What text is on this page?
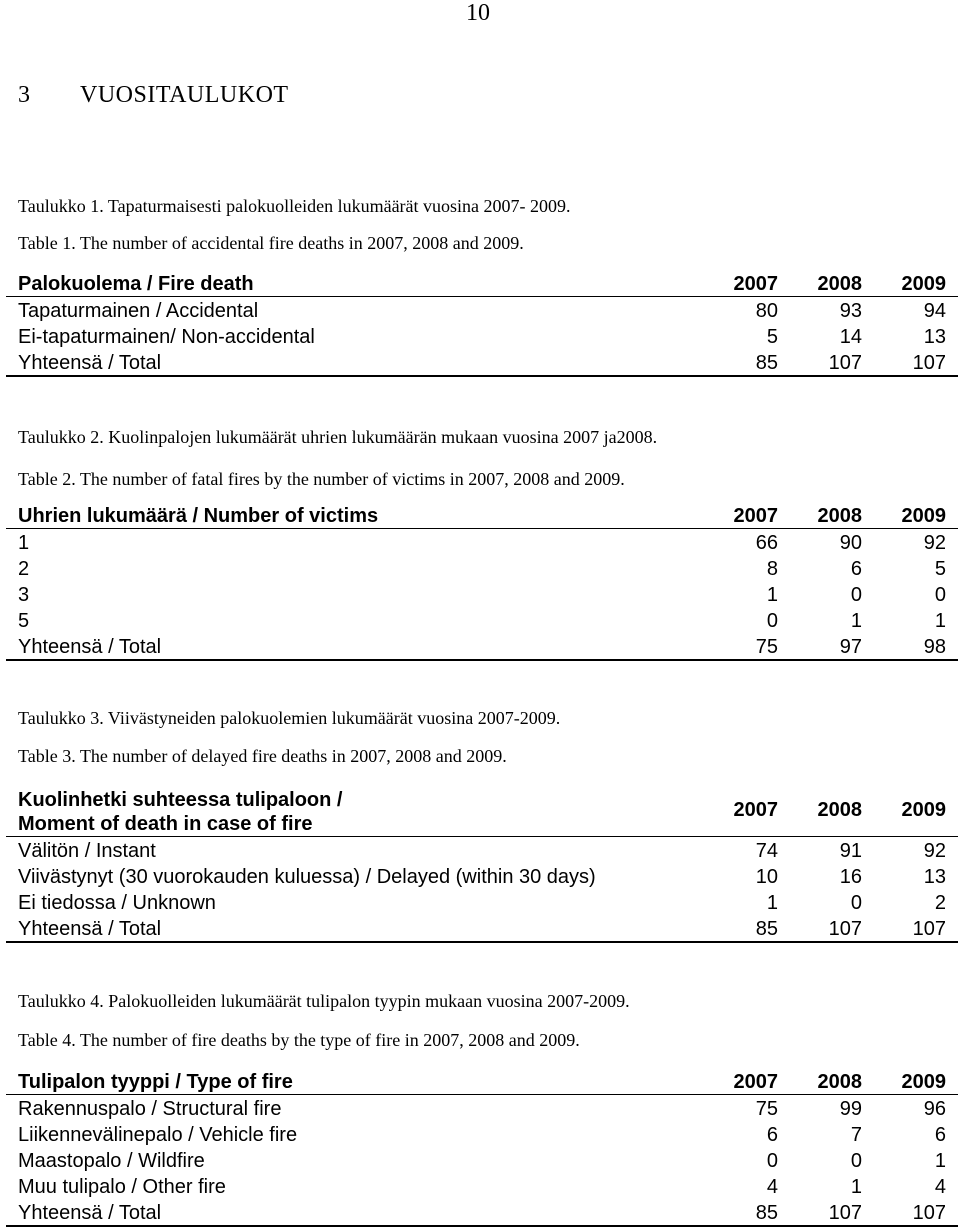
10
3 VUOSITAULUKOT
Taulukko 1. Tapaturmaisesti palokuolleiden lukumäärät vuosina 2007- 2009.
Table 1. The number of accidental fire deaths in 2007, 2008 and 2009.
Palokuolema / Fire death	2007	2008	2009
Tapaturmainen / Accidental	80	93	94
Ei-tapaturmainen/ Non-accidental	5	14	13
Yhteensä / Total	85	107	107
Taulukko 2. Kuolinpalojen lukumäärät uhrien lukumäärän mukaan vuosina 2007 ja2008.
Table 2. The number of fatal fires by the number of victims in 2007, 2008 and 2009.
Uhrien lukumäärä / Number of victims	2007	2008	2009
1	66	90	92
2	8	6	5
3	1	0	0
5	0	1	1
Yhteensä / Total	75	97	98
Taulukko 3. Viivästyneiden palokuolemien lukumäärät vuosina 2007-2009.
Table 3. The number of delayed fire deaths in 2007, 2008 and 2009.
Kuolinhetki suhteessa tulipaloon /
Moment of death in case of fire	2007	2008	2009
Välitön / Instant	74	91	92
Viivästynyt (30 vuorokauden kuluessa) / Delayed (within 30 days)	10	16	13
Ei tiedossa / Unknown	1	0	2
Yhteensä / Total	85	107	107
Taulukko 4. Palokuolleiden lukumäärät tulipalon tyypin mukaan vuosina 2007-2009.
Table 4. The number of fire deaths by the type of fire in 2007, 2008 and 2009.
Tulipalon tyyppi / Type of fire	2007	2008	2009
Rakennuspalo / Structural fire	75	99	96
Liikennevälinepalo / Vehicle fire	6	7	6
Maastopalo / Wildfire	0	0	1
Muu tulipalo / Other fire	4	1	4
Yhteensä / Total	85	107	107
